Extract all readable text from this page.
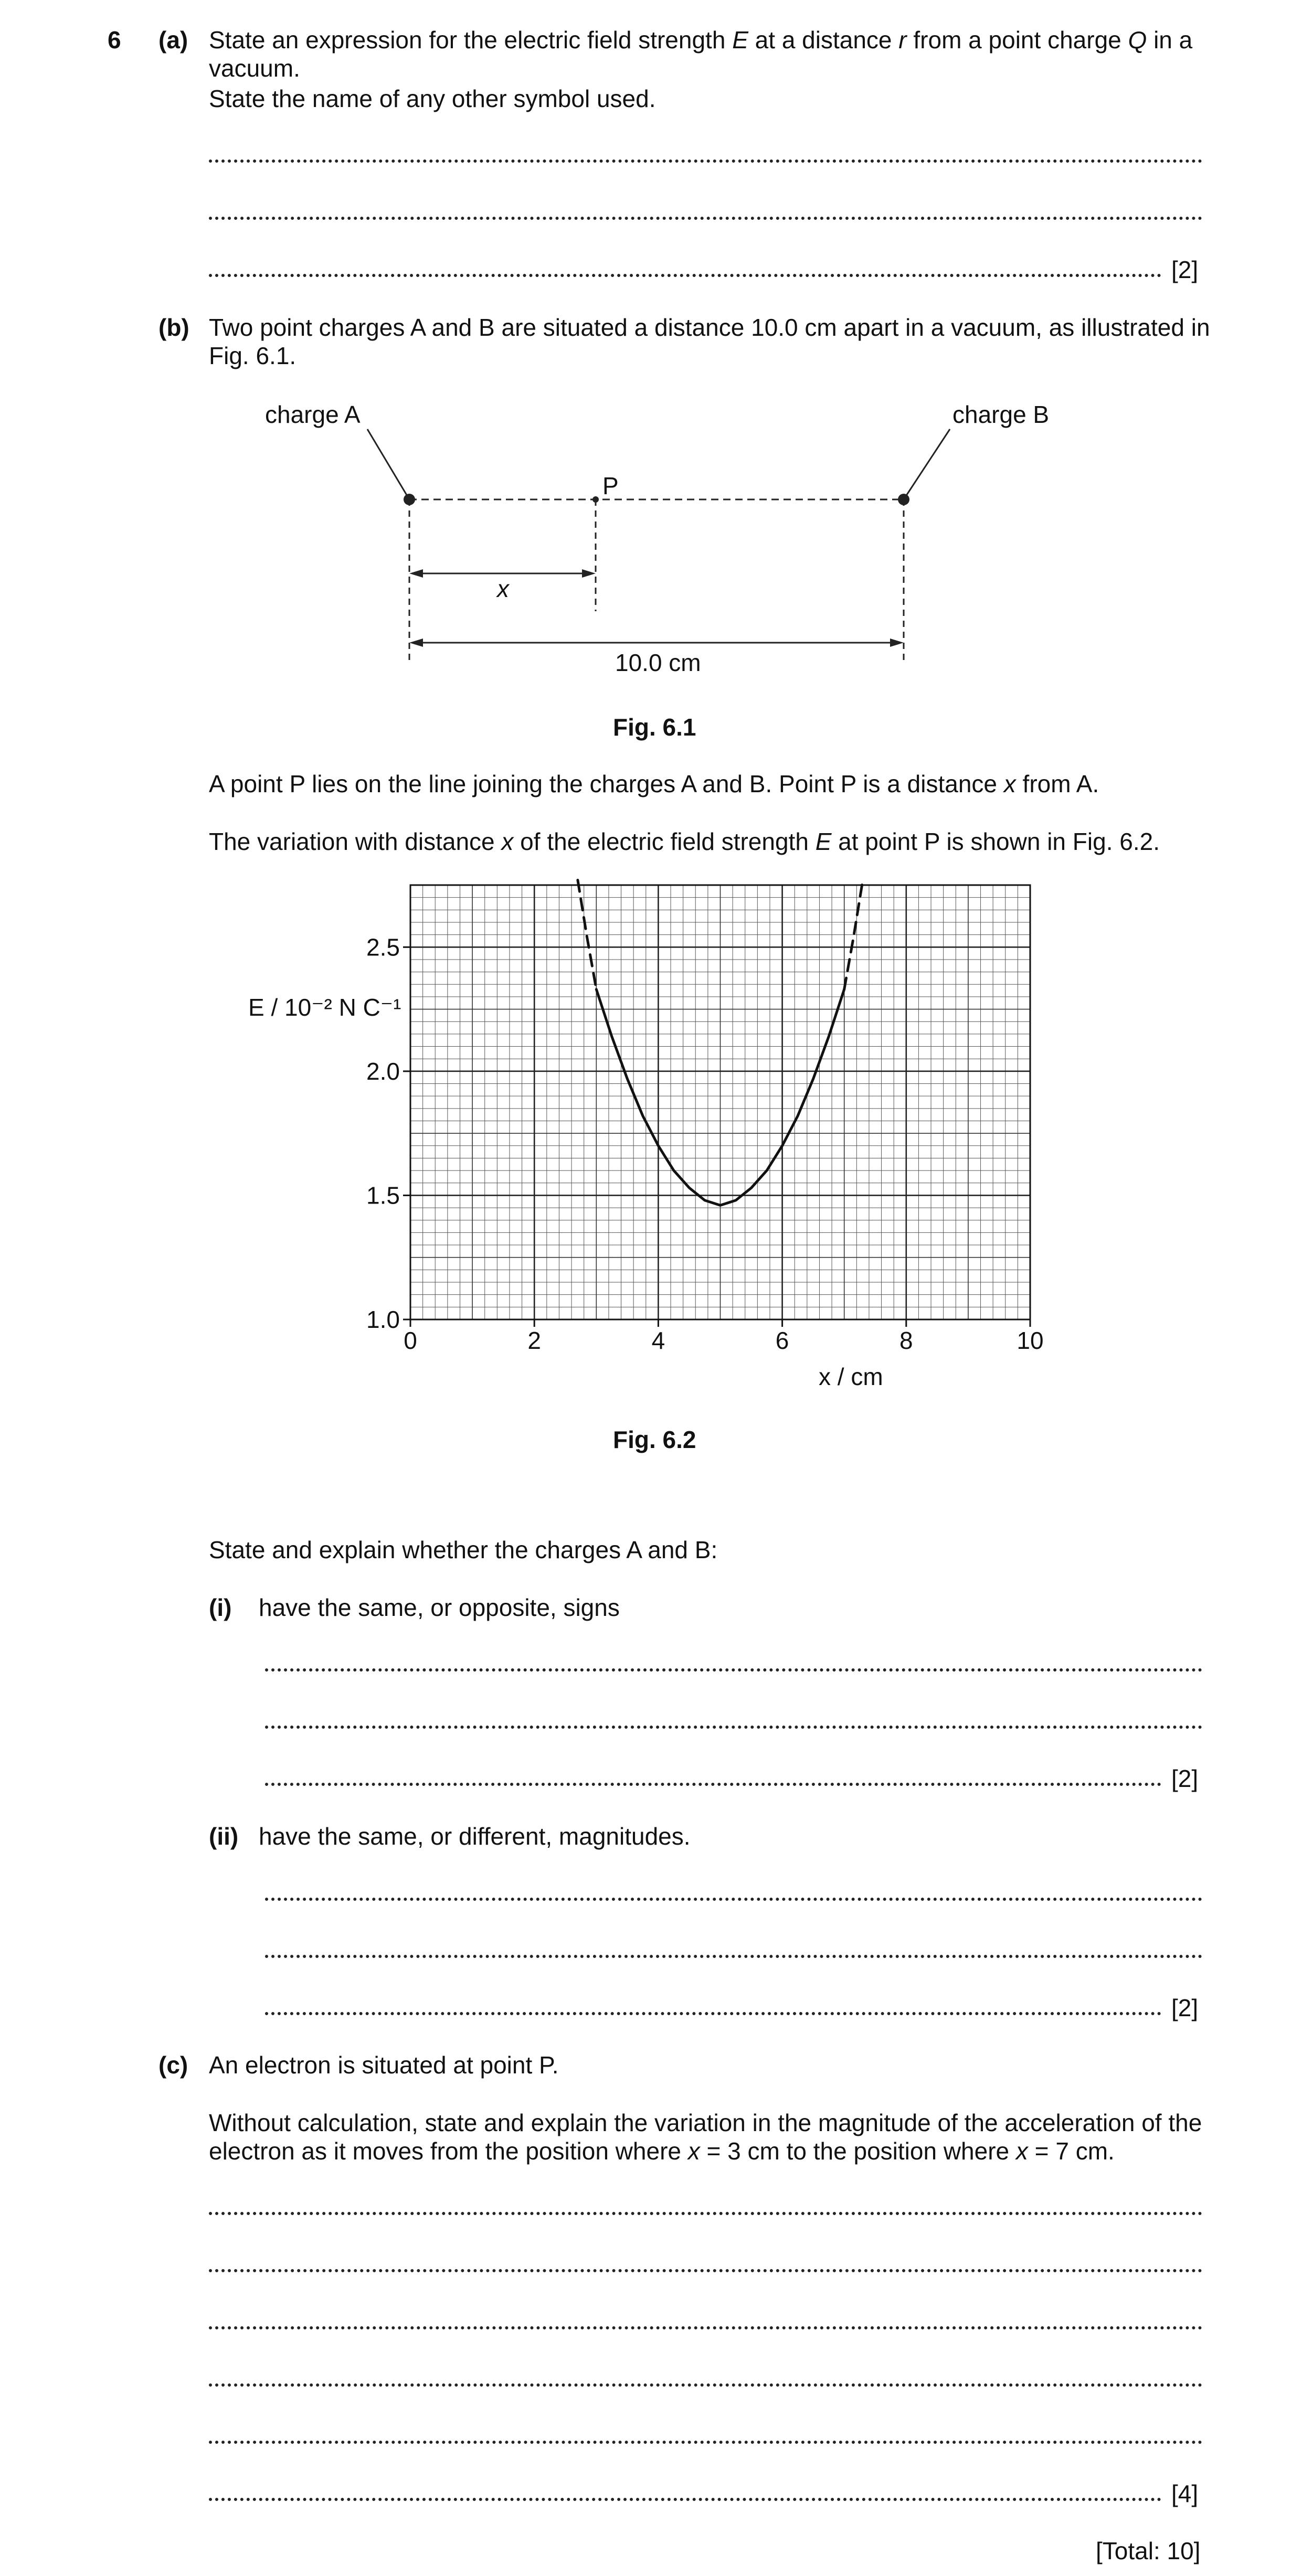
6 (a) State an expression for the electric field strength E at a distance r from a point charge Q in a
vacuum.
State the name of any other symbol used.
[2]
(b) Two point charges A and B are situated a distance 10.0 cm apart in a vacuum, as illustrated in
Fig. 6.1.
charge A	charge B
P
x
10.0 cm
Fig. 6.1
A point P lies on the line joining the charges A and B. Point P is a distance x from A.
The variation with distance x of the electric field strength E at point P is shown in Fig. 6.2.
0	2	4	6	8	10
1.0
1.5
2.0
2.5
E / 10⁻² N C⁻¹
x / cm
Fig. 6.2
State and explain whether the charges A and B:
(i) have the same, or opposite, signs
[2]
(ii) have the same, or different, magnitudes.
[2]
(c) An electron is situated at point P.
Without calculation, state and explain the variation in the magnitude of the acceleration of the
electron as it moves from the position where x = 3 cm to the position where x = 7 cm.
[4]
[Total: 10]
